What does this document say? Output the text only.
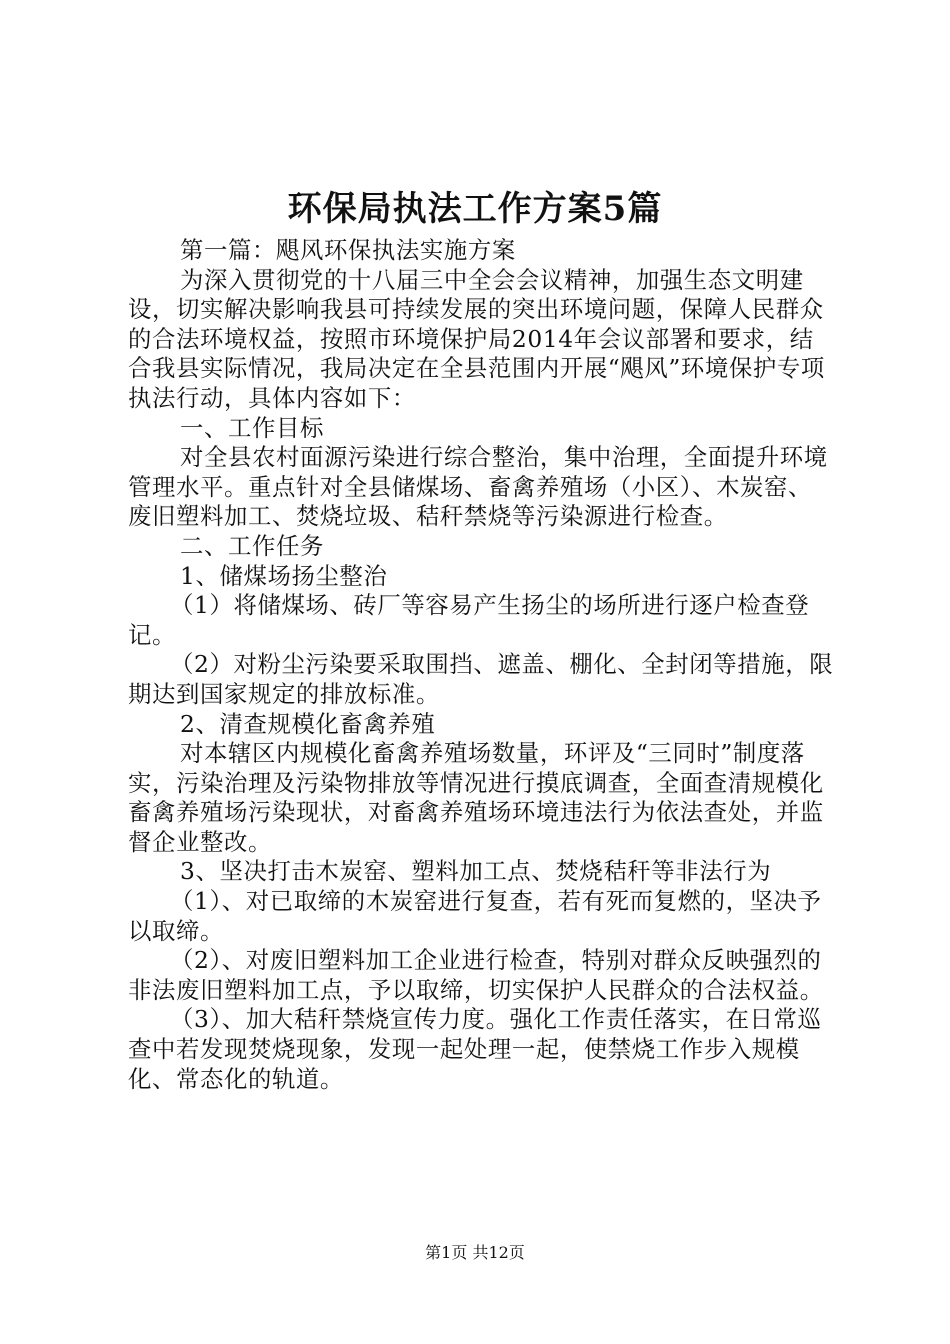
环保局执法工作方案5篇

第一篇：飓风环保执法实施方案

为深入贯彻党的十八届三中全会会议精神，加强生态文明建设，切实解决影响我县可持续发展的突出环境问题，保障人民群众的合法环境权益，按照市环境保护局2014年会议部署和要求，结合我县实际情况，我局决定在全县范围内开展“飓风”环境保护专项执法行动，具体内容如下：

一、工作目标

对全县农村面源污染进行综合整治，集中治理，全面提升环境管理水平。重点针对全县储煤场、畜禽养殖场（小区）、木炭窑、废旧塑料加工、焚烧垃圾、秸秆禁烧等污染源进行检查。

二、工作任务

1、储煤场扬尘整治

（1）将储煤场、砖厂等容易产生扬尘的场所进行逐户检查登记。

（2）对粉尘污染要采取围挡、遮盖、棚化、全封闭等措施，限期达到国家规定的排放标准。

2、清查规模化畜禽养殖

对本辖区内规模化畜禽养殖场数量，环评及“三同时”制度落实，污染治理及污染物排放等情况进行摸底调查，全面查清规模化畜禽养殖场污染现状，对畜禽养殖场环境违法行为依法查处，并监督企业整改。

3、坚决打击木炭窑、塑料加工点、焚烧秸秆等非法行为

（1）、对已取缔的木炭窑进行复查，若有死而复燃的，坚决予以取缔。

（2）、对废旧塑料加工企业进行检查，特别对群众反映强烈的非法废旧塑料加工点，予以取缔，切实保护人民群众的合法权益。

（3）、加大秸秆禁烧宣传力度。强化工作责任落实，在日常巡查中若发现焚烧现象，发现一起处理一起，使禁烧工作步入规模化、常态化的轨道。

第1页 共12页
